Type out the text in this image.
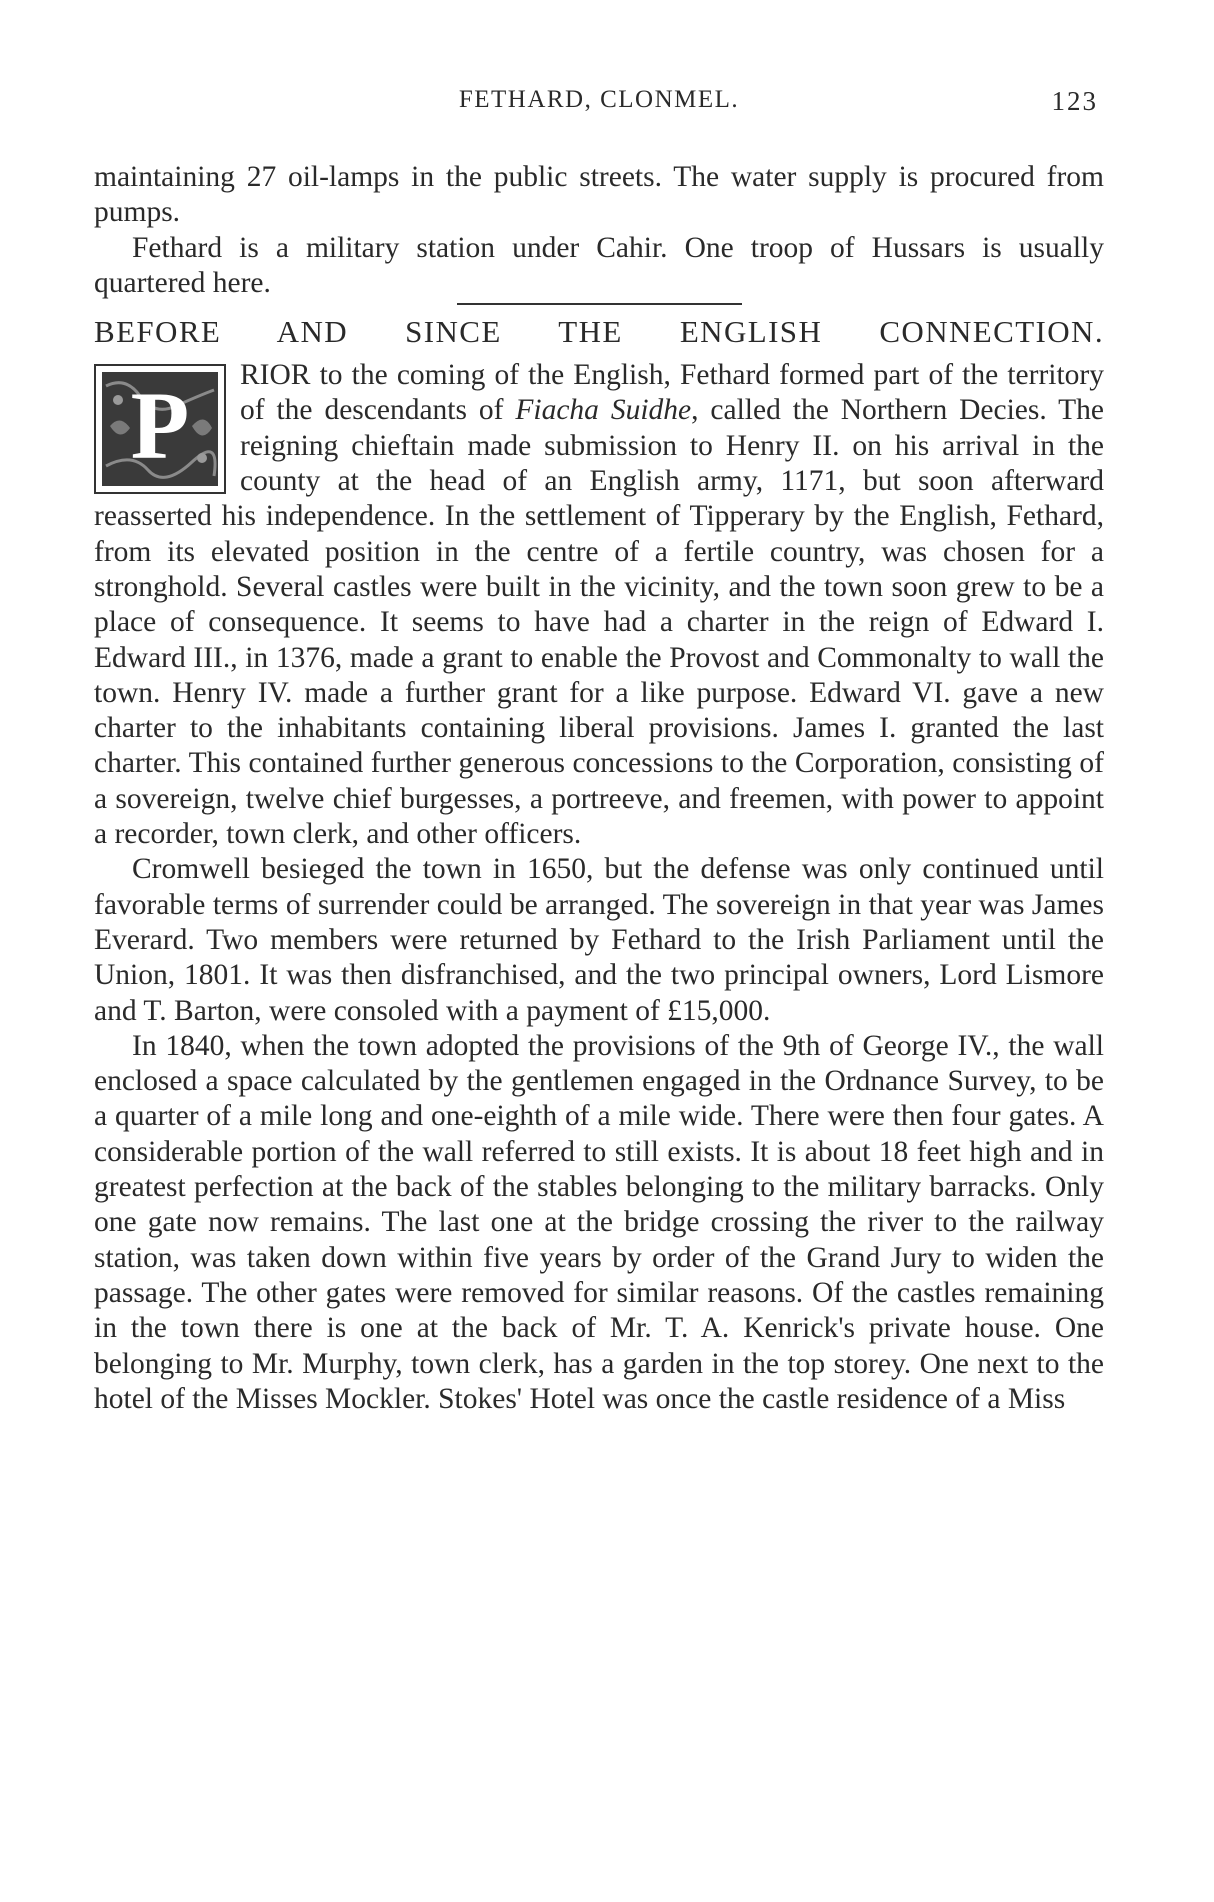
FETHARD, CLONMEL.	123

maintaining 27 oil-lamps in the public streets. The water supply is procured from pumps.

Fethard is a military station under Cahir. One troop of Hussars is usually quartered here.

BEFORE AND SINCE THE ENGLISH CONNECTION.

P	RIOR to the coming of the English, Fethard formed part of the territory of the descendants of Fiacha Suidhe, called the Northern Decies. The reigning chieftain made submission to Henry II. on his arrival in the county at the head of an English army, 1171, but soon afterward reasserted his independence. In the settlement of Tipperary by the English, Fethard, from its elevated position in the centre of a fertile country, was chosen for a stronghold. Several castles were built in the vicinity, and the town soon grew to be a place of consequence. It seems to have had a charter in the reign of Edward I. Edward III., in 1376, made a grant to enable the Provost and Commonalty to wall the town. Henry IV. made a further grant for a like purpose. Edward VI. gave a new charter to the inhabitants containing liberal provisions. James I. granted the last charter. This contained further generous concessions to the Corporation, consisting of a sovereign, twelve chief burgesses, a portreeve, and freemen, with power to appoint a recorder, town clerk, and other officers.

Cromwell besieged the town in 1650, but the defense was only continued until favorable terms of surrender could be arranged. The sovereign in that year was James Everard. Two members were returned by Fethard to the Irish Parliament until the Union, 1801. It was then disfranchised, and the two principal owners, Lord Lismore and T. Barton, were consoled with a payment of £15,000.

In 1840, when the town adopted the provisions of the 9th of George IV., the wall enclosed a space calculated by the gentlemen engaged in the Ordnance Survey, to be a quarter of a mile long and one-eighth of a mile wide. There were then four gates. A considerable portion of the wall referred to still exists. It is about 18 feet high and in greatest perfection at the back of the stables belonging to the military barracks. Only one gate now remains. The last one at the bridge crossing the river to the railway station, was taken down within five years by order of the Grand Jury to widen the passage. The other gates were removed for similar reasons. Of the castles remaining in the town there is one at the back of Mr. T. A. Kenrick's private house. One belonging to Mr. Murphy, town clerk, has a garden in the top storey. One next to the hotel of the Misses Mockler. Stokes' Hotel was once the castle residence of a Miss
